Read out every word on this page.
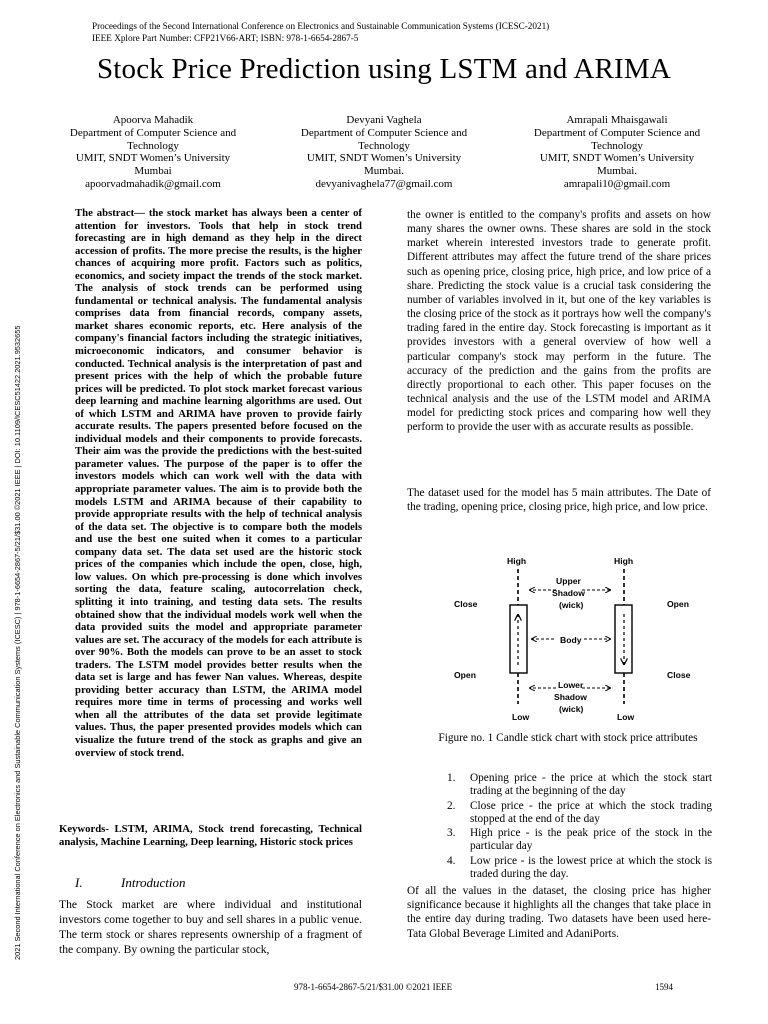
Proceedings of the Second International Conference on Electronics and Sustainable Communication Systems (ICESC-2021)
IEEE Xplore Part Number: CFP21V66-ART; ISBN: 978-1-6654-2867-5
Stock Price Prediction using LSTM and ARIMA
Apoorva Mahadik
Department of Computer Science and Technology
UMIT, SNDT Women’s University
Mumbai
apoorvadmahadik@gmail.com
Devyani Vaghela
Department of Computer Science and Technology
UMIT, SNDT Women’s University
Mumbai.
devyanivaghela77@gmail.com
Amrapali Mhaisgawali
Department of Computer Science and Technology
UMIT, SNDT Women’s University
Mumbai.
amrapali10@gmail.com
2021 Second International Conference on Electronics and Sustainable Communication Systems (ICESC) | 978-1-6654-2867-5/21/$31.00 ©2021 IEEE | DOI: 10.1109/ICESC51422.2021.9532655
The abstract— the stock market has always been a center of attention for investors. Tools that help in stock trend forecasting are in high demand as they help in the direct accession of profits. The more precise the results, is the higher chances of acquiring more profit. Factors such as politics, economics, and society impact the trends of the stock market. The analysis of stock trends can be performed using fundamental or technical analysis. The fundamental analysis comprises data from financial records, company assets, market shares economic reports, etc. Here analysis of the company's financial factors including the strategic initiatives, microeconomic indicators, and consumer behavior is conducted. Technical analysis is the interpretation of past and present prices with the help of which the probable future prices will be predicted. To plot stock market forecast various deep learning and machine learning algorithms are used. Out of which LSTM and ARIMA have proven to provide fairly accurate results. The papers presented before focused on the individual models and their components to provide forecasts. Their aim was the provide the predictions with the best-suited parameter values. The purpose of the paper is to offer the investors models which can work well with the data with appropriate parameter values. The aim is to provide both the models LSTM and ARIMA because of their capability to provide appropriate results with the help of technical analysis of the data set. The objective is to compare both the models and use the best one suited when it comes to a particular company data set. The data set used are the historic stock prices of the companies which include the open, close, high, low values. On which pre-processing is done which involves sorting the data, feature scaling, autocorrelation check, splitting it into training, and testing data sets. The results obtained show that the individual models work well when the data provided suits the model and appropriate parameter values are set. The accuracy of the models for each attribute is over 90%. Both the models can prove to be an asset to stock traders. The LSTM model provides better results when the data set is large and has fewer Nan values. Whereas, despite providing better accuracy than LSTM, the ARIMA model requires more time in terms of processing and works well when all the attributes of the data set provide legitimate values. Thus, the paper presented provides models which can visualize the future trend of the stock as graphs and give an overview of stock trend.
Keywords- LSTM, ARIMA, Stock trend forecasting, Technical analysis, Machine Learning, Deep learning, Historic stock prices
I.	Introduction
The Stock market are where individual and institutional investors come together to buy and sell shares in a public venue. The term stock or shares represents ownership of a fragment of the company. By owning the particular stock,
the owner is entitled to the company's profits and assets on how many shares the owner owns. These shares are sold in the stock market wherein interested investors trade to generate profit. Different attributes may affect the future trend of the share prices such as opening price, closing price, high price, and low price of a share. Predicting the stock value is a crucial task considering the number of variables involved in it, but one of the key variables is the closing price of the stock as it portrays how well the company's trading fared in the entire day. Stock forecasting is important as it provides investors with a general overview of how well a particular company's stock may perform in the future. The accuracy of the prediction and the gains from the profits are directly proportional to each other. This paper focuses on the technical analysis and the use of the LSTM model and ARIMA model for predicting stock prices and comparing how well they perform to provide the user with as accurate results as possible.
The dataset used for the model has 5 main attributes. The Date of the trading, opening price, closing price, high price, and low price.
High	High
Upper
Shadow
(wick)
Close	Open
Body
Open	Close
Lower
Shadow
(wick)
Low	Low
Figure no. 1 Candle stick chart with stock price attributes
1. Opening price - the price at which the stock start trading at the beginning of the day
2. Close price - the price at which the stock trading stopped at the end of the day
3. High price - is the peak price of the stock in the particular day
4. Low price - is the lowest price at which the stock is traded during the day.
Of all the values in the dataset, the closing price has higher significance because it highlights all the changes that take place in the entire day during trading. Two datasets have been used here- Tata Global Beverage Limited and AdaniPorts.
978-1-6654-2867-5/21/$31.00 ©2021 IEEE	1594
